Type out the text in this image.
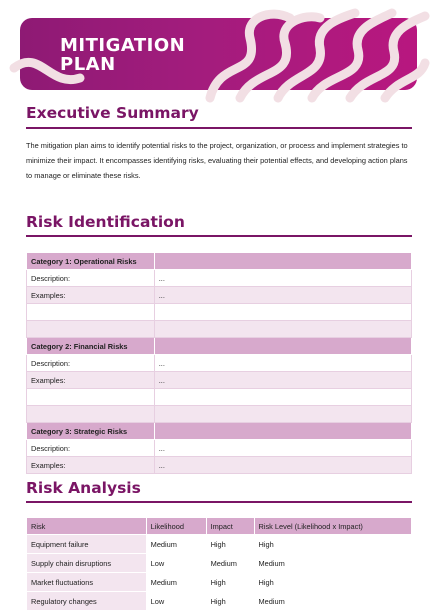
MITIGATION PLAN
Executive Summary
The mitigation plan aims to identify potential risks to the project, organization, or process and implement strategies to minimize their impact. It encompasses identifying risks, evaluating their potential effects, and developing action plans to manage or eliminate these risks.
Risk Identification
Category 1: Operational Risks	
Description:	...
Examples:	...

Category 2: Financial Risks	
Description:	...
Examples:	...

Category 3: Strategic Risks	
Description:	...
Examples:	...
Risk Analysis
Risk	Likelihood	Impact	Risk Level (Likelihood x Impact)
Equipment failure	Medium	High	High
Supply chain disruptions	Low	Medium	Medium
Market fluctuations	Medium	High	High
Regulatory changes	Low	High	Medium
